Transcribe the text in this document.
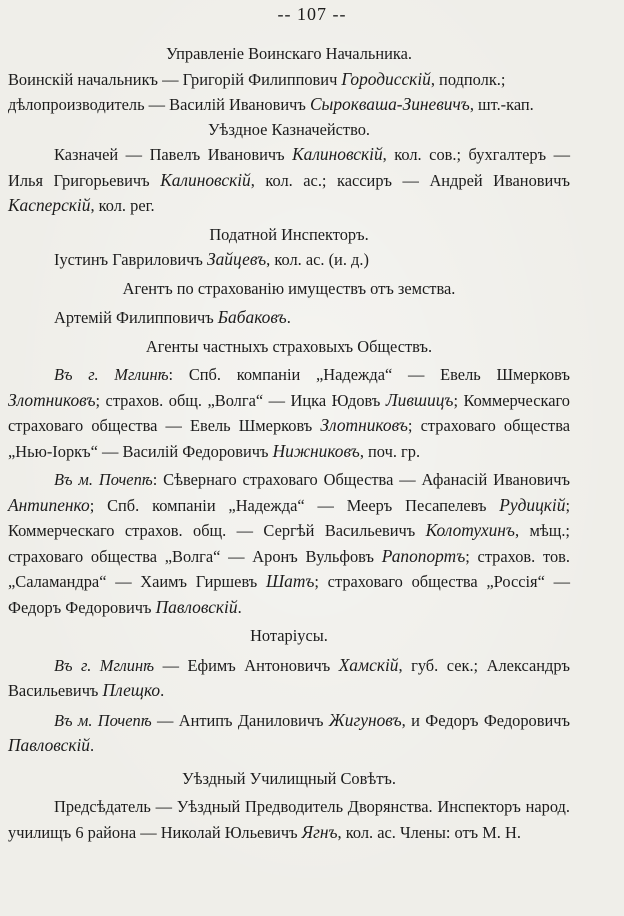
-- 107 --

Управленіе Воинскаго Начальника.

Воинскій начальникъ — Григорій Филиппович Городисскій, подполк.;

дѣлопроизводитель — Василій Ивановичъ Сырокваша-Зиневичъ, шт.-кап.

Уѣздное Казначейство.

Казначей — Павелъ Ивановичъ Калиновскій, кол. сов.; бухгалтеръ — Илья Григорьевичъ Калиновскій, кол. ас.; кассиръ — Андрей Ивановичъ Касперскій, кол. рег.

Податной Инспекторъ.

Іустинъ Гавриловичъ Зайцевъ, кол. ас. (и. д.)

Агентъ по страхованію имуществъ отъ земства.

Артемій Филипповичъ Бабаковъ.

Агенты частныхъ страховыхъ Обществъ.

Въ г. Мглинѣ: Спб. компаніи „Надежда“ — Евель Шмерковъ Злотниковъ; страхов. общ. „Волга“ — Ицка Юдовъ Лившицъ; Коммерческаго страховаго общества — Евель Шмерковъ Злотниковъ; страховаго общества „Нью-Іоркъ“ — Василій Федоровичъ Нижниковъ, поч. гр.

Въ м. Почепѣ: Сѣвернаго страховаго Общества — Афанасій Ивановичъ Антипенко; Спб. компаніи „Надежда“ — Мееръ Песапелевъ Рудицкій; Коммерческаго страхов. общ. — Сергѣй Васильевичъ Колотухинъ, мѣщ.; страховаго общества „Волга“ — Аронъ Вульфовъ Рапопортъ; страхов. тов. „Саламандра“ — Хаимъ Гиршевъ Шатъ; страховаго общества „Россія“ — Федоръ Федоровичъ Павловскій.

Нотаріусы.

Въ г. Мглинѣ — Ефимъ Антоновичъ Хамскій, губ. сек.; Александръ Васильевичъ Плещко.

Въ м. Почепѣ — Антипъ Даниловичъ Жигуновъ, и Федоръ Федоровичъ Павловскій.

Уѣздный Училищный Совѣтъ.

Предсѣдатель — Уѣздный Предводитель Дворянства. Инспекторъ народ. училищъ 6 района — Николай Юльевичъ Ягнъ, кол. ас. Члены: отъ М. Н.
